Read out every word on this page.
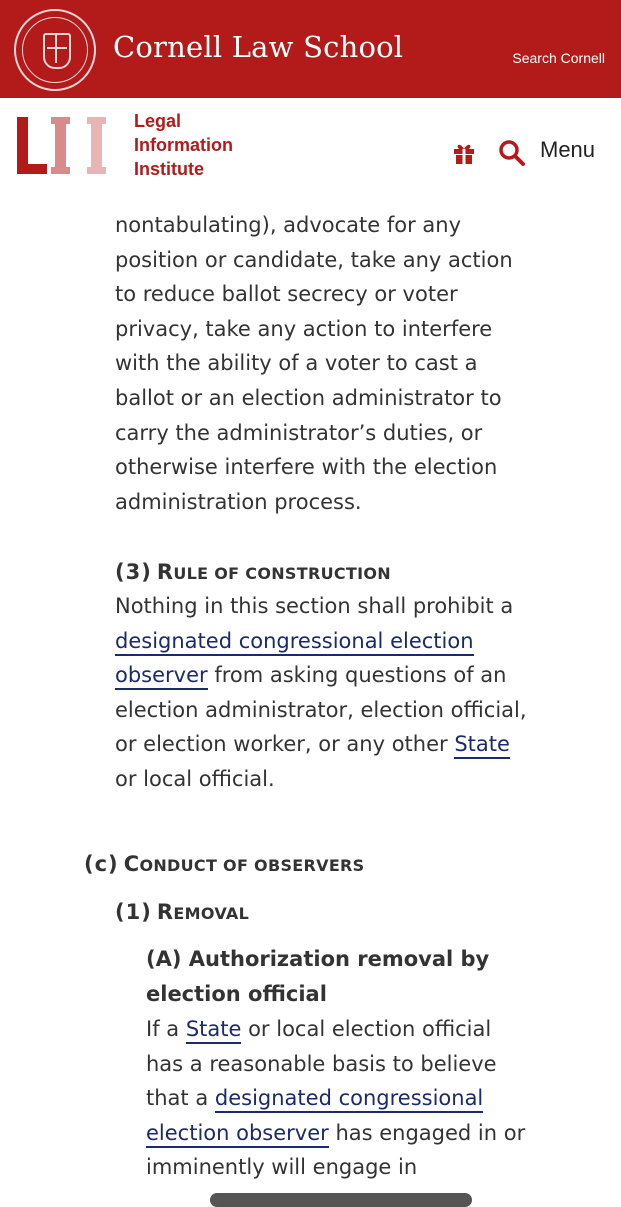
Cornell Law School	Search Cornell
Legal
Information
Institute
Menu
nontabulating), advocate for any
position or candidate, take any action
to reduce ballot secrecy or voter
privacy, take any action to interfere
with the ability of a voter to cast a
ballot or an election administrator to
carry the administrator’s duties, or
otherwise interfere with the election
administration process.
(3) RULE OF CONSTRUCTION
Nothing in this section shall prohibit a
designated congressional election
observer from asking questions of an
election administrator, election official,
or election worker, or any other State
or local official.
(c) CONDUCT OF OBSERVERS
(1) REMOVAL
(A) Authorization removal by
election official
If a State or local election official
has a reasonable basis to believe
that a designated congressional
election observer has engaged in or
imminently will engage in
